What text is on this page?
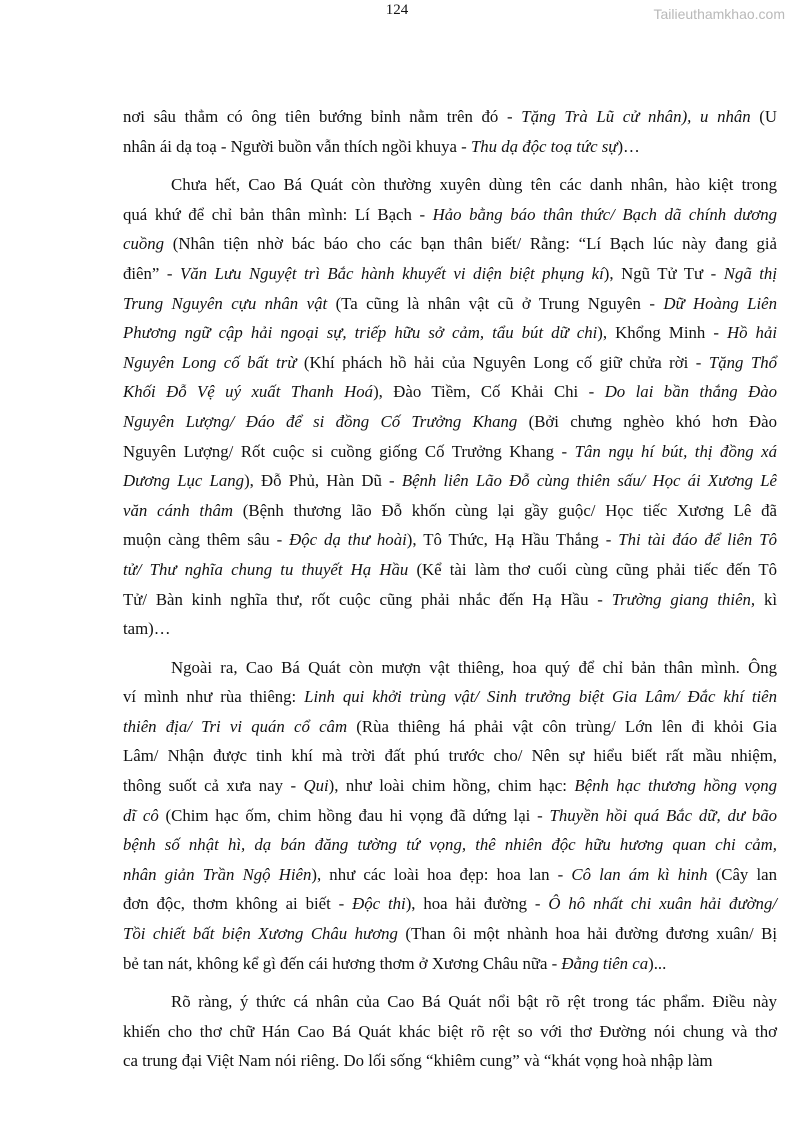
124	Tailieuthamkhao.com
nơi sâu thẳm có ông tiên bướng bỉnh nằm trên đó - Tặng Trà Lũ cử nhân), u nhân (U
nhân ái dạ toạ - Người buồn vẫn thích ngồi khuya - Thu dạ độc toạ tức sự)…
Chưa hết, Cao Bá Quát còn thường xuyên dùng tên các danh nhân, hào kiệt trong
quá khứ để chỉ bản thân mình: Lí Bạch - Hảo bằng báo thân thức/ Bạch dã chính dương
cuồng (Nhân tiện nhờ bác báo cho các bạn thân biết/ Rằng: “Lí Bạch lúc này đang giả
điên” - Văn Lưu Nguyệt trì Bắc hành khuyết vi diện biệt phụng kí), Ngũ Tử Tư - Ngã thị
Trung Nguyên cựu nhân vật (Ta cũng là nhân vật cũ ở Trung Nguyên - Dữ Hoàng Liên
Phương ngữ cập hải ngoại sự, triếp hữu sở cảm, tẩu bút dữ chi), Khổng Minh - Hồ hải
Nguyên Long cố bất trừ (Khí phách hồ hải của Nguyên Long cố giữ chửa rời - Tặng Thổ
Khối Đỗ Vệ uý xuất Thanh Hoá), Đào Tiềm, Cố Khải Chi - Do lai bần thắng Đào
Nguyên Lượng/ Đáo để si đồng Cố Trưởng Khang (Bởi chưng nghèo khó hơn Đào
Nguyên Lượng/ Rốt cuộc si cuồng giống Cố Trưởng Khang - Tân ngụ hí bút, thị đồng xá
Dương Lục Lang), Đỗ Phủ, Hàn Dũ - Bệnh liên Lão Đỗ cùng thiên sấu/ Học ái Xương Lê
văn cánh thâm (Bệnh thương lão Đỗ khốn cùng lại gầy guộc/ Học tiếc Xương Lê đã
muộn càng thêm sâu - Độc dạ thư hoài), Tô Thức, Hạ Hầu Thắng - Thi tài đáo để liên Tô
tử/ Thư nghĩa chung tu thuyết Hạ Hầu (Kể tài làm thơ cuối cùng cũng phải tiếc đến Tô
Tử/ Bàn kinh nghĩa thư, rốt cuộc cũng phải nhắc đến Hạ Hầu - Trường giang thiên, kì
tam)…
Ngoài ra, Cao Bá Quát còn mượn vật thiêng, hoa quý để chỉ bản thân mình. Ông
ví mình như rùa thiêng: Linh qui khởi trùng vật/ Sinh trưởng biệt Gia Lâm/ Đắc khí tiên
thiên địa/ Tri vi quán cổ câm (Rùa thiêng há phải vật côn trùng/ Lớn lên đi khỏi Gia
Lâm/ Nhận được tinh khí mà trời đất phú trước cho/ Nên sự hiểu biết rất mầu nhiệm,
thông suốt cả xưa nay - Qui), như loài chim hồng, chim hạc: Bệnh hạc thương hồng vọng
dĩ cô (Chim hạc ốm, chim hồng đau hi vọng đã dứng lại - Thuyền hồi quá Bắc dữ, dư bão
bệnh số nhật hì, dạ bán đăng tường tứ vọng, thê nhiên độc hữu hương quan chi cảm,
nhân giản Trần Ngộ Hiên), như các loài hoa đẹp: hoa lan - Cô lan ám kì hinh (Cây lan
đơn độc, thơm không ai biết - Độc thi), hoa hải đường - Ô hô nhất chi xuân hải đường/
Tồi chiết bất biện Xương Châu hương (Than ôi một nhành hoa hải đường đương xuân/ Bị
bẻ tan nát, không kể gì đến cái hương thơm ở Xương Châu nữa - Đằng tiên ca)...
Rõ ràng, ý thức cá nhân của Cao Bá Quát nổi bật rõ rệt trong tác phẩm. Điều này
khiến cho thơ chữ Hán Cao Bá Quát khác biệt rõ rệt so với thơ Đường nói chung và thơ
ca trung đại Việt Nam nói riêng. Do lối sống “khiêm cung” và “khát vọng hoà nhập làm
